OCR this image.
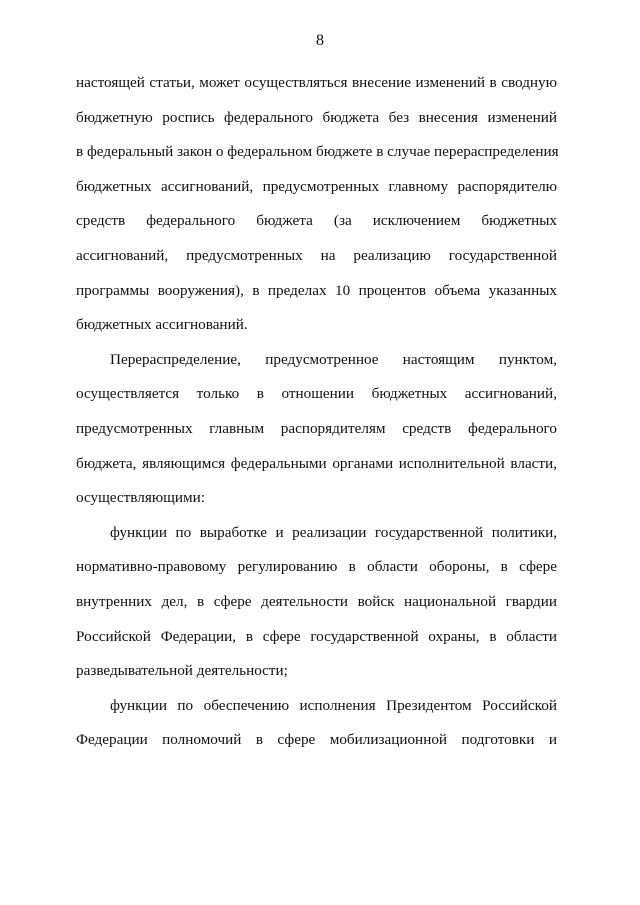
8

настоящей статьи, может осуществляться внесение изменений в сводную
бюджетную роспись федерального бюджета без внесения изменений
в федеральный закон о федеральном бюджете в случае перераспределения
бюджетных ассигнований, предусмотренных главному распорядителю
средств федерального бюджета (за исключением бюджетных
ассигнований, предусмотренных на реализацию государственной
программы вооружения), в пределах 10 процентов объема указанных
бюджетных ассигнований.

Перераспределение, предусмотренное настоящим пунктом,
осуществляется только в отношении бюджетных ассигнований,
предусмотренных главным распорядителям средств федерального
бюджета, являющимся федеральными органами исполнительной власти,
осуществляющими:

функции по выработке и реализации государственной политики,
нормативно-правовому регулированию в области обороны, в сфере
внутренних дел, в сфере деятельности войск национальной гвардии
Российской Федерации, в сфере государственной охраны, в области
разведывательной деятельности;

функции по обеспечению исполнения Президентом Российской
Федерации полномочий в сфере мобилизационной подготовки и
